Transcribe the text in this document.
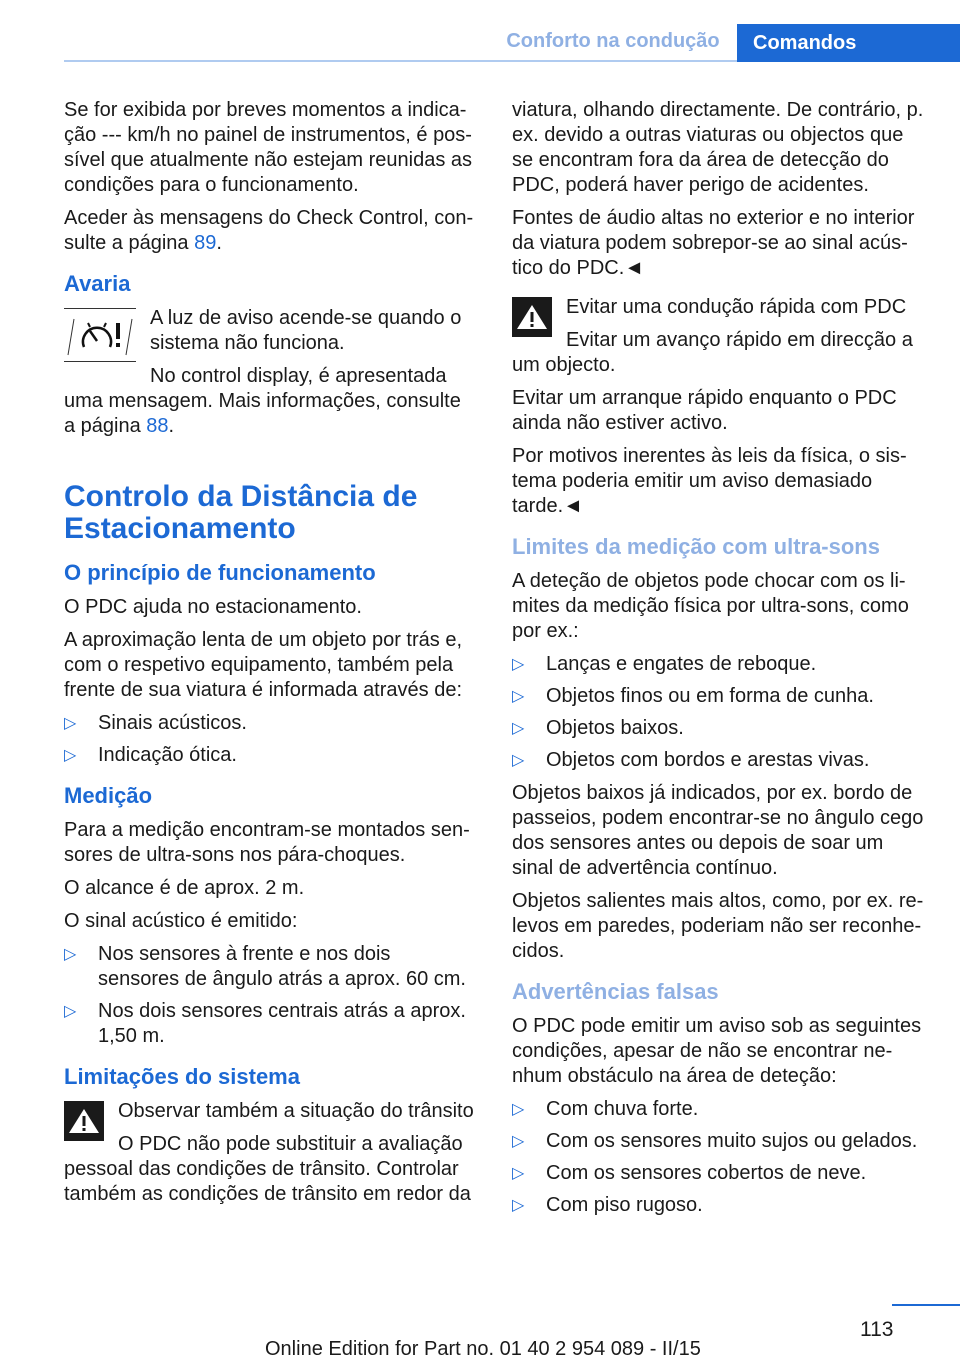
Conforto na condução	Comandos

Se for exibida por breves momentos a indica-ção --- km/h no painel de instrumentos, é pos-sível que atualmente não estejam reunidas as condições para o funcionamento.

Aceder às mensagens do Check Control, con-sulte a página 89.

Avaria

A luz de aviso acende-se quando o sistema não funciona.

No control display, é apresentada uma mensagem. Mais informações, consulte a página 88.

Controlo da Distância de Estacionamento
O princípio de funcionamento

O PDC ajuda no estacionamento.

A aproximação lenta de um objeto por trás e, com o respetivo equipamento, também pela frente de sua viatura é informada através de:

▷ Sinais acústicos.
▷ Indicação ótica.
Medição

Para a medição encontram-se montados sen-sores de ultra-sons nos pára-choques.

O alcance é de aprox. 2 m.

O sinal acústico é emitido:

▷ Nos sensores à frente e nos dois sensores de ângulo atrás a aprox. 60 cm.
▷ Nos dois sensores centrais atrás a aprox. 1,50 m.
Limitações do sistema

Observar também a situação do trânsito

O PDC não pode substituir a avaliação pessoal das condições de trânsito. Controlar também as condições de trânsito em redor da

viatura, olhando directamente. De contrário, p. ex. devido a outras viaturas ou objectos que se encontram fora da área de detecção do PDC, poderá haver perigo de acidentes.

Fontes de áudio altas no exterior e no interior da viatura podem sobrepor-se ao sinal acús-tico do PDC.◄

Evitar uma condução rápida com PDC

Evitar um avanço rápido em direcção a um objecto.

Evitar um arranque rápido enquanto o PDC ainda não estiver activo.

Por motivos inerentes às leis da física, o sis-tema poderia emitir um aviso demasiado tarde.◄

Limites da medição com ultra-sons

A deteção de objetos pode chocar com os li-mites da medição física por ultra-sons, como por ex.:

▷ Lanças e engates de reboque.
▷ Objetos finos ou em forma de cunha.
▷ Objetos baixos.
▷ Objetos com bordos e arestas vivas.

Objetos baixos já indicados, por ex. bordo de passeios, podem encontrar-se no ângulo cego dos sensores antes ou depois de soar um sinal de advertência contínuo.

Objetos salientes mais altos, como, por ex. re-levos em paredes, poderiam não ser reconhe-cidos.

Advertências falsas

O PDC pode emitir um aviso sob as seguintes condições, apesar de não se encontrar ne-nhum obstáculo na área de deteção:

▷ Com chuva forte.
▷ Com os sensores muito sujos ou gelados.
▷ Com os sensores cobertos de neve.
▷ Com piso rugoso.
113
Online Edition for Part no. 01 40 2 954 089 - II/15
